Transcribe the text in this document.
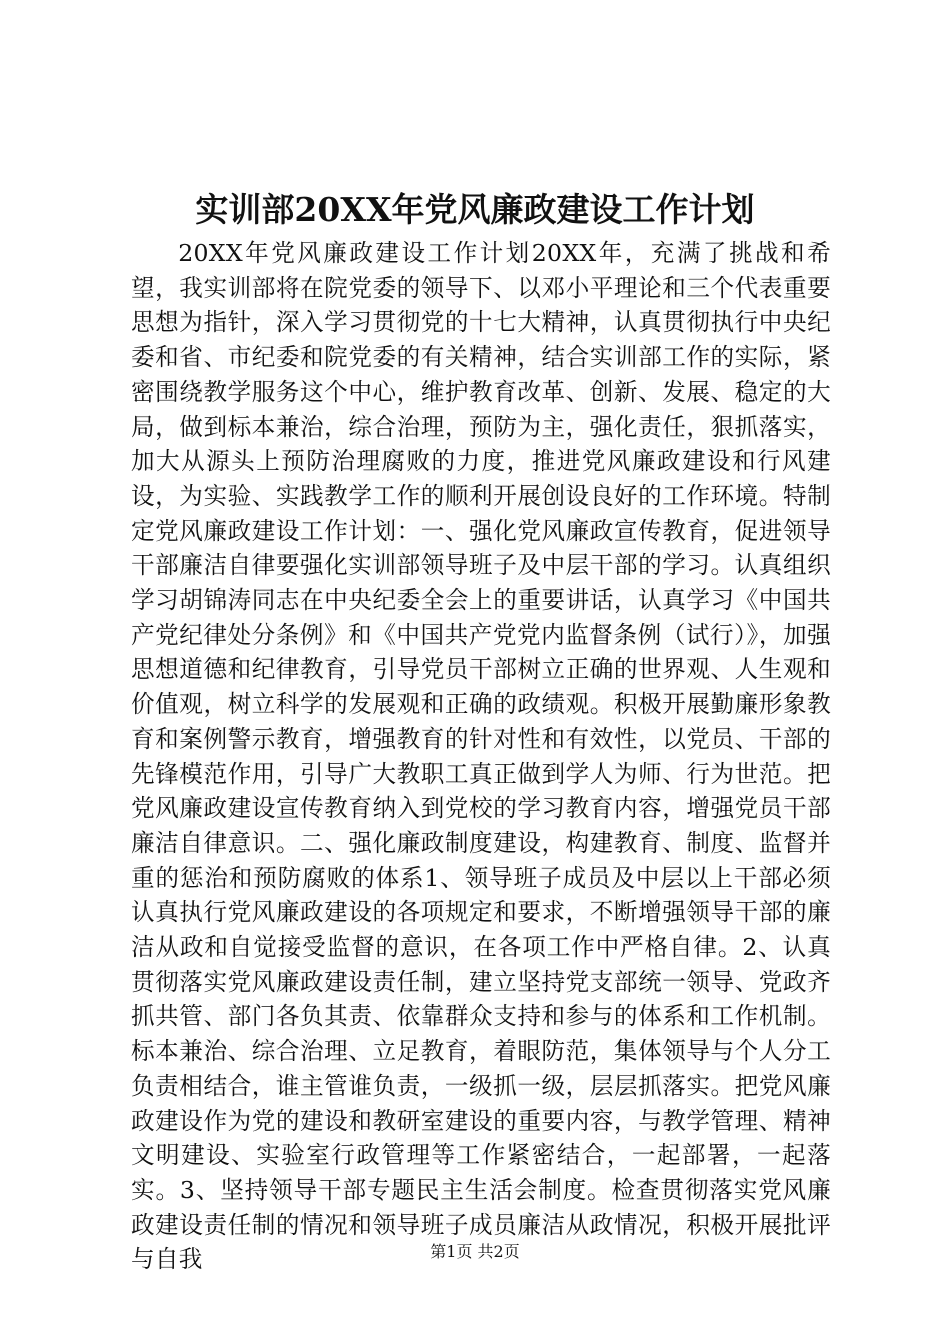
实训部20XX年党风廉政建设工作计划

20XX年党风廉政建设工作计划20XX年，充满了挑战和希望，我实训部将在院党委的领导下、以邓小平理论和三个代表重要思想为指针，深入学习贯彻党的十七大精神，认真贯彻执行中央纪委和省、市纪委和院党委的有关精神，结合实训部工作的实际，紧密围绕教学服务这个中心，维护教育改革、创新、发展、稳定的大局，做到标本兼治，综合治理，预防为主，强化责任，狠抓落实，加大从源头上预防治理腐败的力度，推进党风廉政建设和行风建设，为实验、实践教学工作的顺利开展创设良好的工作环境。特制定党风廉政建设工作计划：一、强化党风廉政宣传教育，促进领导干部廉洁自律要强化实训部领导班子及中层干部的学习。认真组织学习胡锦涛同志在中央纪委全会上的重要讲话，认真学习《中国共产党纪律处分条例》和《中国共产党党内监督条例（试行）》，加强思想道德和纪律教育，引导党员干部树立正确的世界观、人生观和价值观，树立科学的发展观和正确的政绩观。积极开展勤廉形象教育和案例警示教育，增强教育的针对性和有效性，以党员、干部的先锋模范作用，引导广大教职工真正做到学人为师、行为世范。把党风廉政建设宣传教育纳入到党校的学习教育内容，增强党员干部廉洁自律意识。二、强化廉政制度建设，构建教育、制度、监督并重的惩治和预防腐败的体系1、领导班子成员及中层以上干部必须认真执行党风廉政建设的各项规定和要求，不断增强领导干部的廉洁从政和自觉接受监督的意识，在各项工作中严格自律。2、认真贯彻落实党风廉政建设责任制，建立坚持党支部统一领导、党政齐抓共管、部门各负其责、依靠群众支持和参与的体系和工作机制。标本兼治、综合治理、立足教育，着眼防范，集体领导与个人分工负责相结合，谁主管谁负责，一级抓一级，层层抓落实。把党风廉政建设作为党的建设和教研室建设的重要内容，与教学管理、精神文明建设、实验室行政管理等工作紧密结合，一起部署，一起落实。3、坚持领导干部专题民主生活会制度。检查贯彻落实党风廉政建设责任制的情况和领导班子成员廉洁从政情况，积极开展批评与自我	第1页 共2页
